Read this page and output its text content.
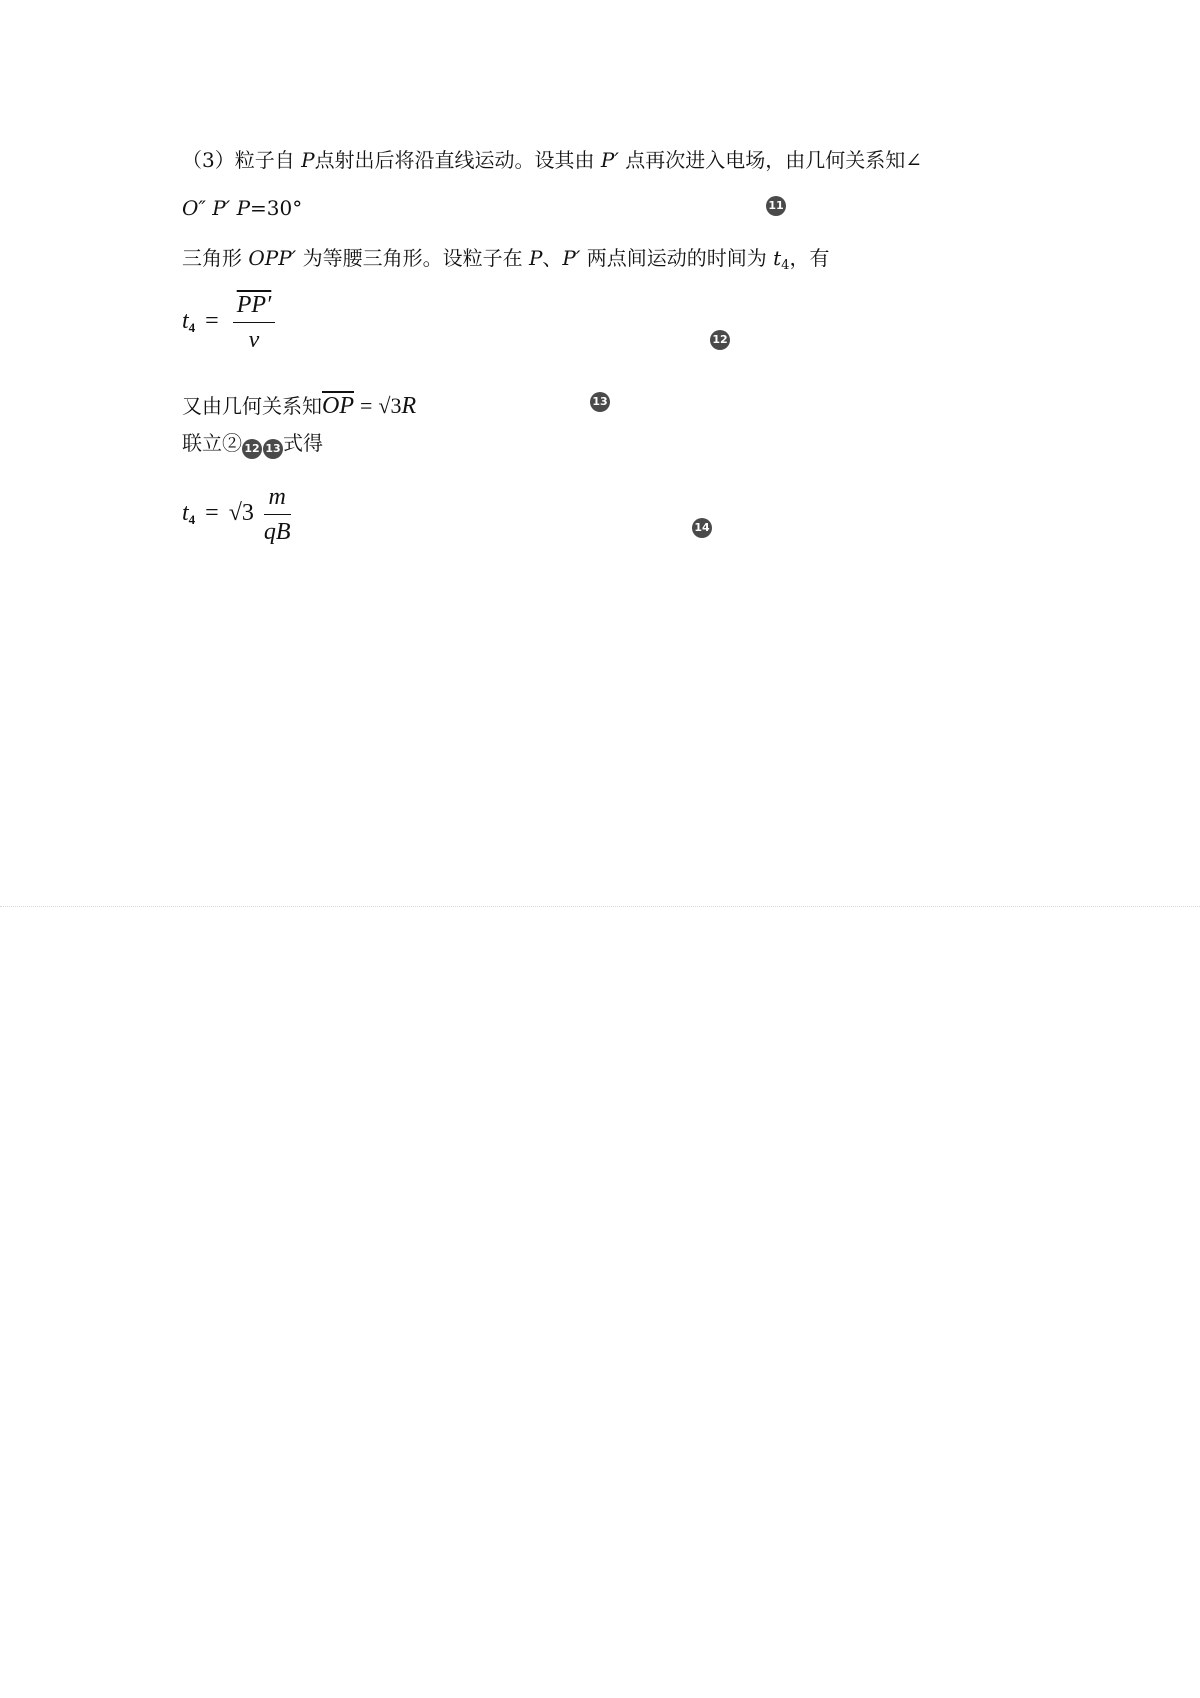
（3）粒子自 P点射出后将沿直线运动。设其由 P′ 点再次进入电场，由几何关系知∠
O″ P′ P=30°	11
三角形 OPP′ 为等腰三角形。设粒子在 P、P′ 两点间运动的时间为 $t_4$，有
$t_4 = \frac{PP'}{v}$	12
又由几何关系知$\overline{OP} = √3R$	13
联立② 12 13 式得
$t_4 = √3 \frac{m}{qB}$	14
